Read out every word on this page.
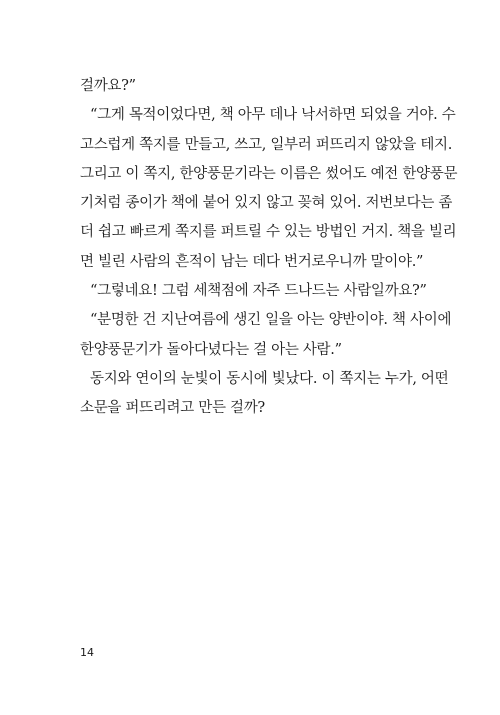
걸까요?”

“그게 목적이었다면, 책 아무 데나 낙서하면 되었을 거야. 수
고스럽게 쪽지를 만들고, 쓰고, 일부러 퍼뜨리지 않았을 테지.
그리고 이 쪽지, 한양풍문기라는 이름은 썼어도 예전 한양풍문
기처럼 종이가 책에 붙어 있지 않고 꽂혀 있어. 저번보다는 좀
더 쉽고 빠르게 쪽지를 퍼트릴 수 있는 방법인 거지. 책을 빌리
면 빌린 사람의 흔적이 남는 데다 번거로우니까 말이야.”

“그렇네요! 그럼 세책점에 자주 드나드는 사람일까요?”

“분명한 건 지난여름에 생긴 일을 아는 양반이야. 책 사이에
한양풍문기가 돌아다녔다는 걸 아는 사람.”

동지와 연이의 눈빛이 동시에 빛났다. 이 쪽지는 누가, 어떤
소문을 퍼뜨리려고 만든 걸까?

14
